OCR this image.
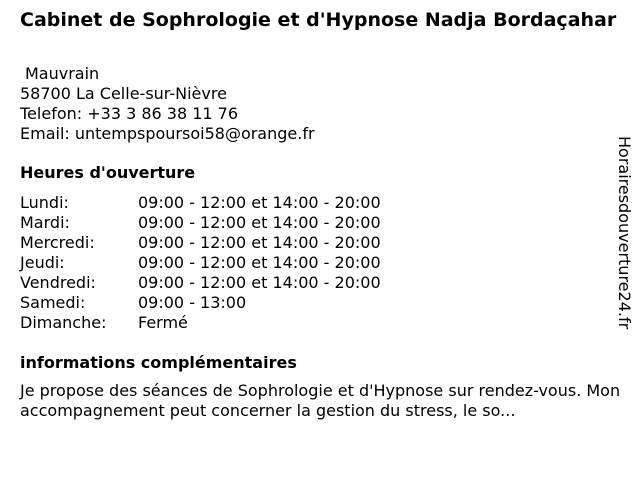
Cabinet de Sophrologie et d'Hypnose Nadja Bordaçahar
Mauvrain
58700 La Celle-sur-Nièvre
Telefon: +33 3 86 38 11 76
Email: untempspoursoi58@orange.fr
Heures d'ouverture
Lundi:	09:00 - 12:00 et 14:00 - 20:00
Mardi:	09:00 - 12:00 et 14:00 - 20:00
Mercredi:	09:00 - 12:00 et 14:00 - 20:00
Jeudi:	09:00 - 12:00 et 14:00 - 20:00
Vendredi:	09:00 - 12:00 et 14:00 - 20:00
Samedi:	09:00 - 13:00
Dimanche:	Fermé
informations complémentaires
Je propose des séances de Sophrologie et d'Hypnose sur rendez-vous. Mon accompagnement peut concerner la gestion du stress, le so...
Horairesdouverture24.fr
